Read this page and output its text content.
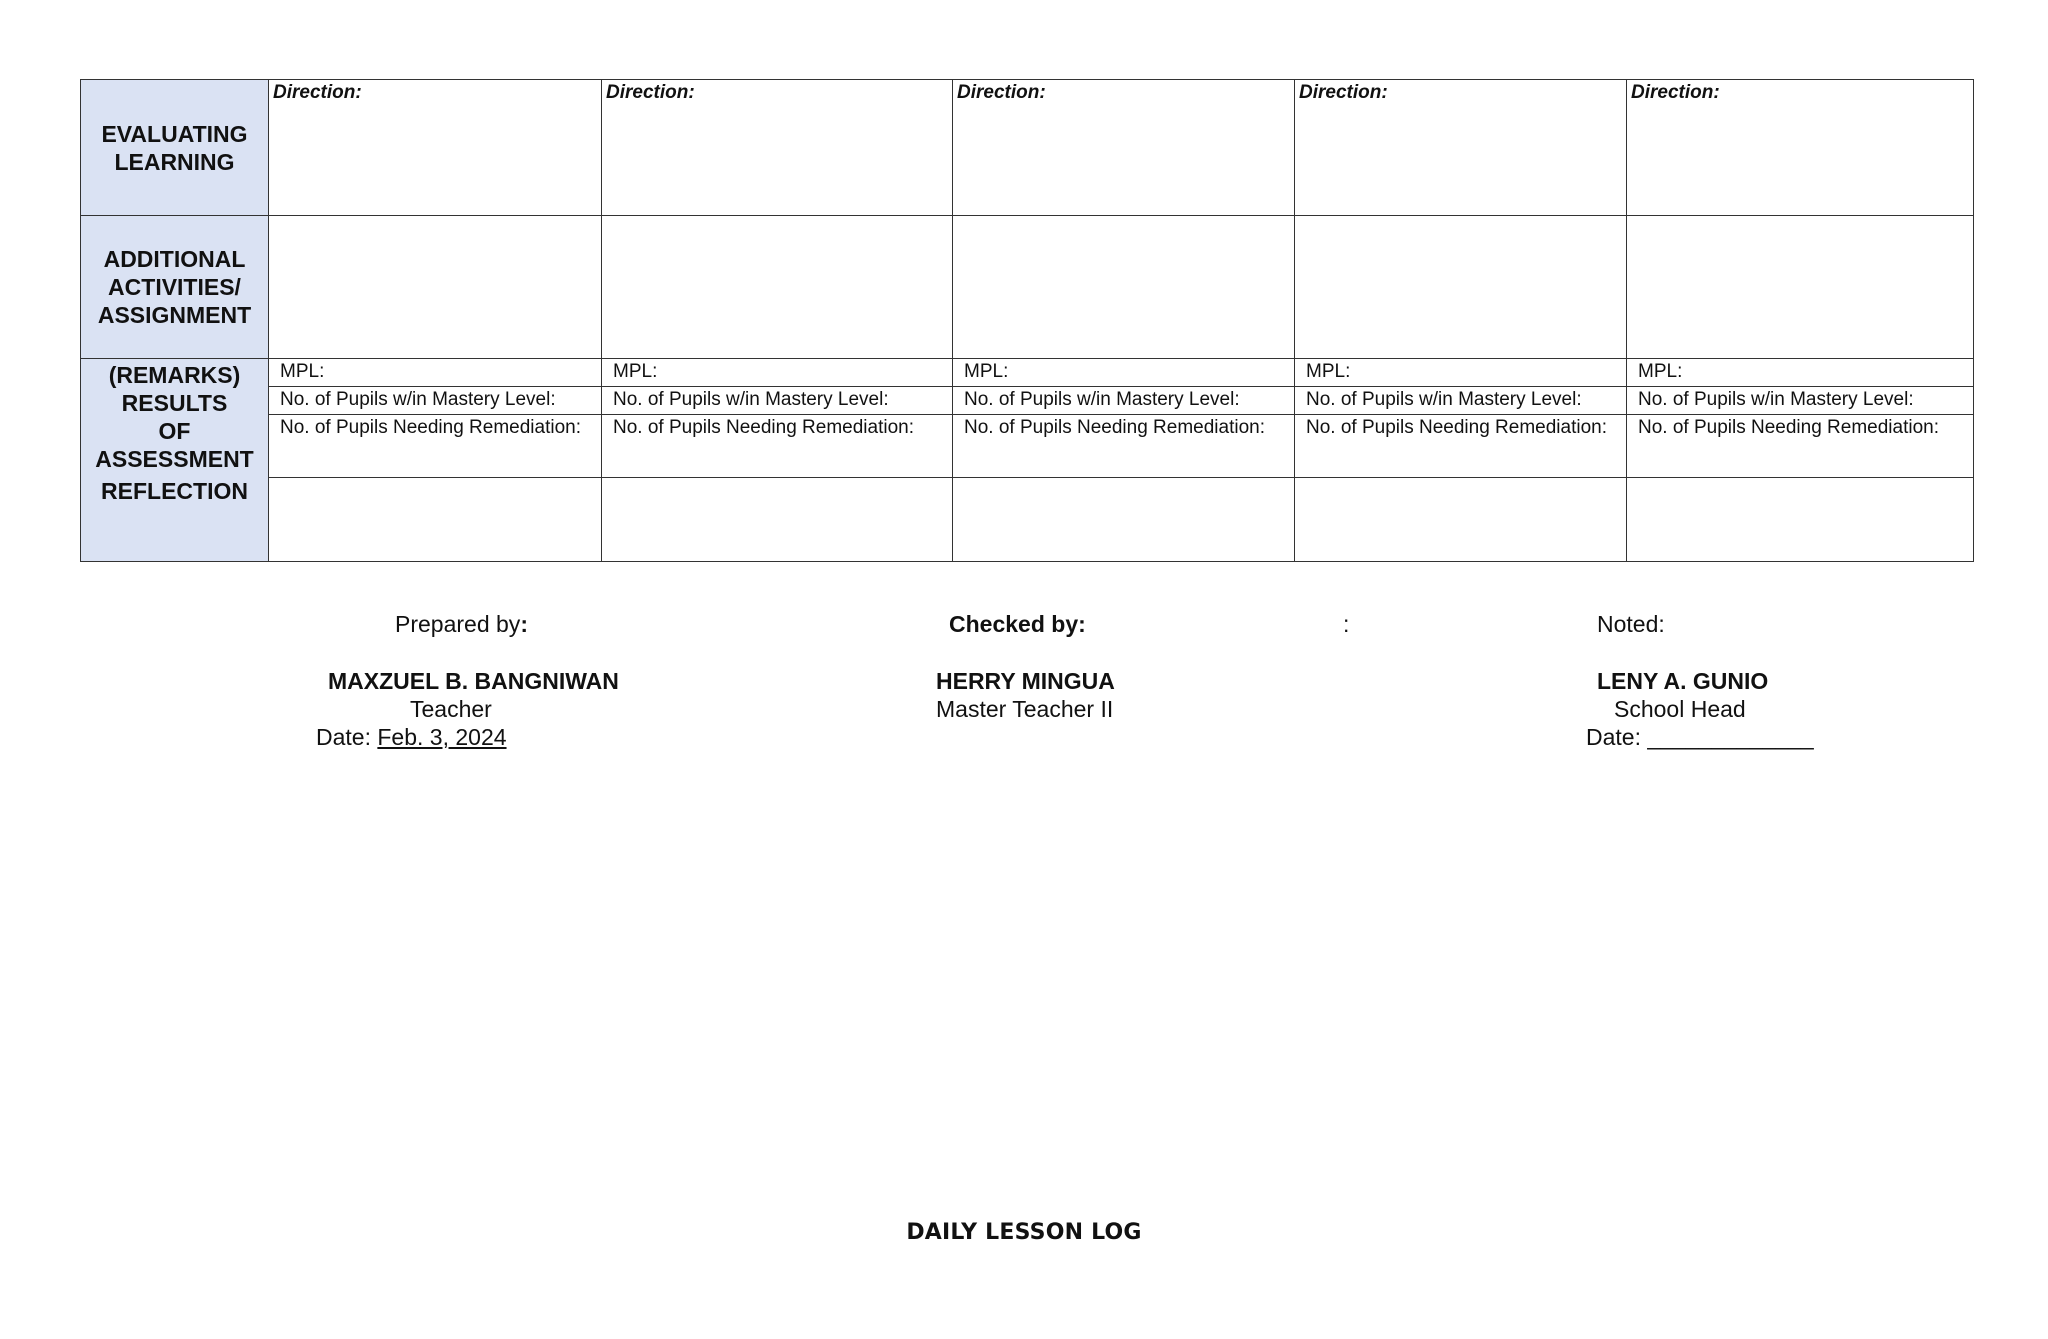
EVALUATING
LEARNING	Direction:	Direction:	Direction:	Direction:	Direction:

ADDITIONAL
ACTIVITIES/
ASSIGNMENT					

(REMARKS)
RESULTS
OF
ASSESSMENT	MPL:	MPL:	MPL:	MPL:	MPL:
	No. of Pupils w/in Mastery Level:	No. of Pupils w/in Mastery Level:	No. of Pupils w/in Mastery Level:	No. of Pupils w/in Mastery Level:	No. of Pupils w/in Mastery Level:
	No. of Pupils Needing Remediation:	No. of Pupils Needing Remediation:	No. of Pupils Needing Remediation:	No. of Pupils Needing Remediation:	No. of Pupils Needing Remediation:

REFLECTION					

Prepared by:
MAXZUEL B. BANGNIWAN
Teacher
Date: Feb. 3, 2024
Checked by:
HERRY MINGUA
Master Teacher II
:	Noted:
LENY A. GUNIO
School Head
Date: _____________
DAILY LESSON LOG
